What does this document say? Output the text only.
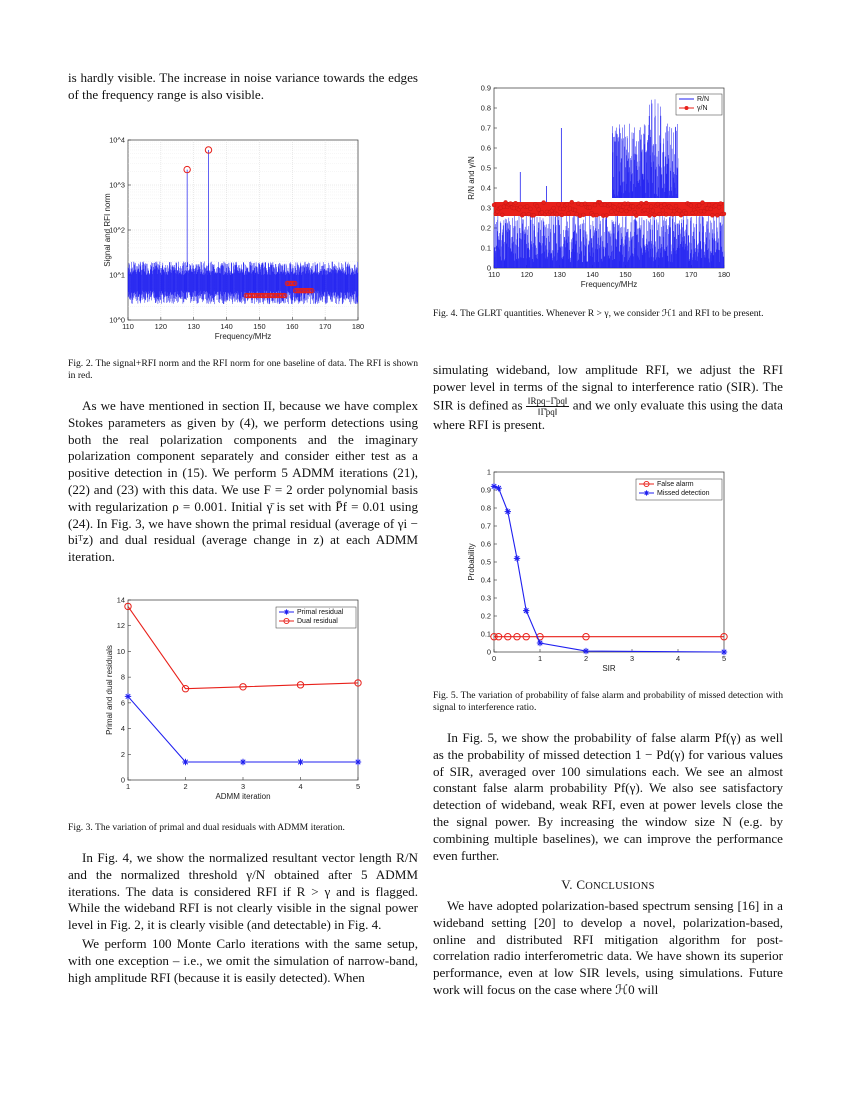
is hardly visible. The increase in noise variance towards the edges of the frequency range is also visible.

110	120	130	140	150	160	170	180
10^0
10^1
10^2
10^3
10^4
Frequency/MHz
Signal and RFI norm

Fig. 2. The signal+RFI norm and the RFI norm for one baseline of data. The RFI is shown in red.

As we have mentioned in section II, because we have complex Stokes parameters as given by (4), we perform detections using both the real polarization components and the imaginary polarization component separately and consider either test as a positive detection in (15). We perform 5 ADMM iterations (21), (22) and (23) with this data. We use F = 2 order polynomial basis with regularization ρ = 0.001. Initial γ̄ is set with P̄f = 0.01 using (24). In Fig. 3, we have shown the primal residual (average of γi − biᵀz) and dual residual (average change in z) at each ADMM iteration.

1	2	3	4	5
0
2
4
6
8
10
12
14
ADMM iteration
Primal and dual residuals
Primal residual
Dual residual

Fig. 3. The variation of primal and dual residuals with ADMM iteration.

In Fig. 4, we show the normalized resultant vector length R/N and the normalized threshold γ/N obtained after 5 ADMM iterations. The data is considered RFI if R > γ and is flagged. While the wideband RFI is not clearly visible in the signal power level in Fig. 2, it is clearly visible (and detectable) in Fig. 4.

We perform 100 Monte Carlo iterations with the same setup, with one exception – i.e., we omit the simulation of narrow-band, high amplitude RFI (because it is easily detected). When

110	120	130	140	150	160	170	180
0
0.1
0.2
0.3
0.4
0.5
0.6
0.7
0.8
0.9
Frequency/MHz
R/N and γ/N
R/N
γ/N

Fig. 4. The GLRT quantities. Whenever R > γ, we consider ℋ1 and RFI to be present.

simulating wideband, low amplitude RFI, we adjust the RFI power level in terms of the signal to interference ratio (SIR). The SIR is defined as $\frac{\text{‖Rpq−Γ̂pq‖}}{‖\Gammâpq‖}$ and we only evaluate this using the data where RFI is present.

0	1	2	3	4	5
0
0.1
0.2
0.3
0.4
0.5
0.6
0.7
0.8
0.9
1
SIR
Probability
False alarm
Missed detection

Fig. 5. The variation of probability of false alarm and probability of missed detection with signal to interference ratio.

In Fig. 5, we show the probability of false alarm Pf(γ) as well as the probability of missed detection 1 − Pd(γ) for various values of SIR, averaged over 100 simulations each. We see an almost constant false alarm probability Pf(γ). We also see satisfactory detection of wideband, weak RFI, even at power levels close the the signal power. By increasing the window size N (e.g. by combining multiple baselines), we can improve the performance even further.

V. CONCLUSIONS

We have adopted polarization-based spectrum sensing [16] in a wideband setting [20] to develop a novel, polarization-based, online and distributed RFI mitigation algorithm for post-correlation radio interferometric data. We have shown its superior performance, even at low SIR levels, using simulations. Future work will focus on the case where ℋ0 will
